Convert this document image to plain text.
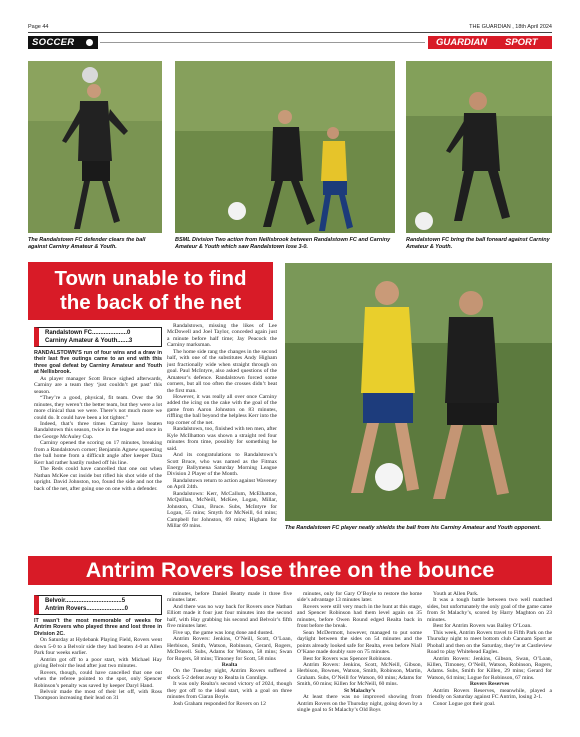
Page 44	THE GUARDIAN , 18th April 2024
SOCCER	GUARDIAN SPORT
The Randalstown FC defender clears the ball against Carniny Amateur & Youth.
BSML Division Two action from Nellisbrook between Randalstown FC and Carniny Amateur & Youth which saw Randalstown lose 3-0.
Randalstown FC bring the ball forward against Carniny Amateur & Youth.
Town unable to find
the back of the net
Randalstown FC.....................0
Carniny Amateur & Youth.......3

RANDALSTOWN’S run of four wins and a draw in their last five outings came to an end with this three goal defeat by Carniny Amateur and Youth at Nellisbrook.

As player manager Scott Bruce sighed afterwards, Carniny are a team they ‘just couldn’t get past’ this season.

“They’re a good, physical, fit team. Over the 90 minutes, they weren’t the better team, but they were a lot more clinical than we were. There’s not much more we could do. It could have been a lot tighter.”

Indeed, that’s three times Carniny have beaten Randalstown this season, twice in the league and once in the George McAuley Cup.

Carniny opened the scoring on 17 minutes, breaking from a Randalstown corner; Benjamin Agnew squeezing the ball home from a difficult angle after keeper Dara Kerr had rather hastily rushed off his line.

The Reds could have cancelled that one out when Nathan McKee cut inside but rifled his shot wide of the upright. David Johnston, too, found the side and not the back of the net, after going one on one with a defender.

Randalstown, missing the likes of Lee McDowell and Joel Taylor, conceded again just a minute before half time; Jay Peacock the Carniny marksman.

The home side rang the changes in the second half, with one of the substitutes Andy Higham just fractionally wide when straight through on goal. Paul McIntyre, also asked questions of the Amateur’s defence. Randalstown forced some corners, but all too often the crosses didn’t beat the first man.

However, it was really all over once Carniny added the icing on the cake with the goal of the game from Aaron Johnston on 83 minutes, riffling the ball beyond the helpless Kerr into the top corner of the net.

Randalstown, too, finished with ten men, after Kyle McIlhatton was shown a straight red four minutes from time, possibly for something he said.

And its congratulations to Randalstown’s Scott Bruce, who was named as the Fitmax Energy Ballymena Saturday Morning League Division 2 Player of the Month.

Randalstown return to action against Waveney on April 24th.

Randalstown: Kerr, McCallum, McElhatton, McQuillan, McNeill, McKee, Logan, Millar, Johnston, Chan, Bruce. Subs, McIntyre for Logan, 55 mins; Smyth for McNeill, 64 mins; Campbell for Johnston, 69 mins; Higham for Millar 69 mins.	The Randalstown FC player neatly shields the ball from his Carniny Amateur and Youth opponent.
Antrim Rovers lose three on the bounce
Belvoir..................................5
Antrim Rovers.......................0

IT wasn’t the most memorable of weeks for Antrim Rovers who played three and lost three in Division 2C.

On Saturday at Hydebank Playing Field, Rovers went down 5-0 to a Belvoir side they had beaten 4-0 at Allen Park four weeks earlier.

Antrim got off to a poor start, with Michael Hay giving Belvoir the lead after just two minutes.

Rovers, though, could have cancelled that one out when the referee pointed to the spot, only Spencer Robinson’s penalty was saved by keeper Daryl Hand.

Belvoir made the most of their let off, with Ross Thompson increasing their lead on 31

minutes, before Daniel Beatty made it three five minutes later.

And there was no way back for Rovers once Nathan Elliott made it four just four minutes into the second half, with Hay grabbing his second and Belvoir’s fifth five minutes later.

Five up, the game was long done and dusted.

Antrim Rovers: Jenkins, O’Neill, Scott, O’Loan, Herbison, Smith, Watson, Robinson, Gerard, Rogers, McDowell. Subs, Adams for Watson, 58 mins; Swan for Rogers, 58 mins; Timoney for Scott, 58 mins

Realta

On the Tuesday night, Antrim Rovers suffered a shock 5-2 defeat away to Realta in Connlige.

It was only Realta’s second victory of 2024, though they got off to the ideal start, with a goal on three minutes from Ciaran Boyle.

Josh Graham responded for Rovers on 12

minutes, only for Gary O’Boyle to restore the home side’s advantage 13 minutes later.

Rovers were still very much in the hunt at this stage, and Spencer Robinson had them level again on 35 minutes, before Owen Round edged Realta back in front before the break.

Sean McDermott, however, managed to put some daylight between the sides on 54 minutes and the points already looked safe for Realta, even before Niall O’Kane made doubly sure on 75 minutes.

Best for Rovers was Spencer Robinson.

Antrim Rovers: Jenkins, Scott, McNeill, Gibson, Herbison, Bownes, Watson, Smith, Robinson, Martin, Graham. Subs, O’Neill for Watson, 60 mins; Adams for Smith, 60 mins; Killen for McNeill, 60 mins.

St Malachy’s

At least there was no improved showing from Antrim Rovers on the Thursday night, going down by a single goal to St Malachy’s Old Boys

Youth at Allen Park.

It was a tough battle between two well matched sides, but unfortunately the only goal of the game came from St Malachy’s, scored by Harry Maghton on 23 minutes.

Best for Antrim Rovers was Bailey O’Loan.

This week, Antrim Rovers travel to Fifth Park on the Thursday night to meet bottom club Cannam Sport at Phoball and then on the Saturday, they’re at Castleview Road to play Whitehead Eagles.

Antrim Rovers: Jenkins, Gibson, Swan, O’Loan, Killen, Timoney, O’Neill, Watson, Robinson, Rogers, Adams. Subs, Smith for Killen, 29 mins; Gerard for Watson, 64 mins; Logue for Robinson, 67 mins.

Rovers Reserves

Antrim Rovers Reserves, meanwhile, played a friendly on Saturday against FC Antrim, losing 2-1.

Conor Logue got their goal.
